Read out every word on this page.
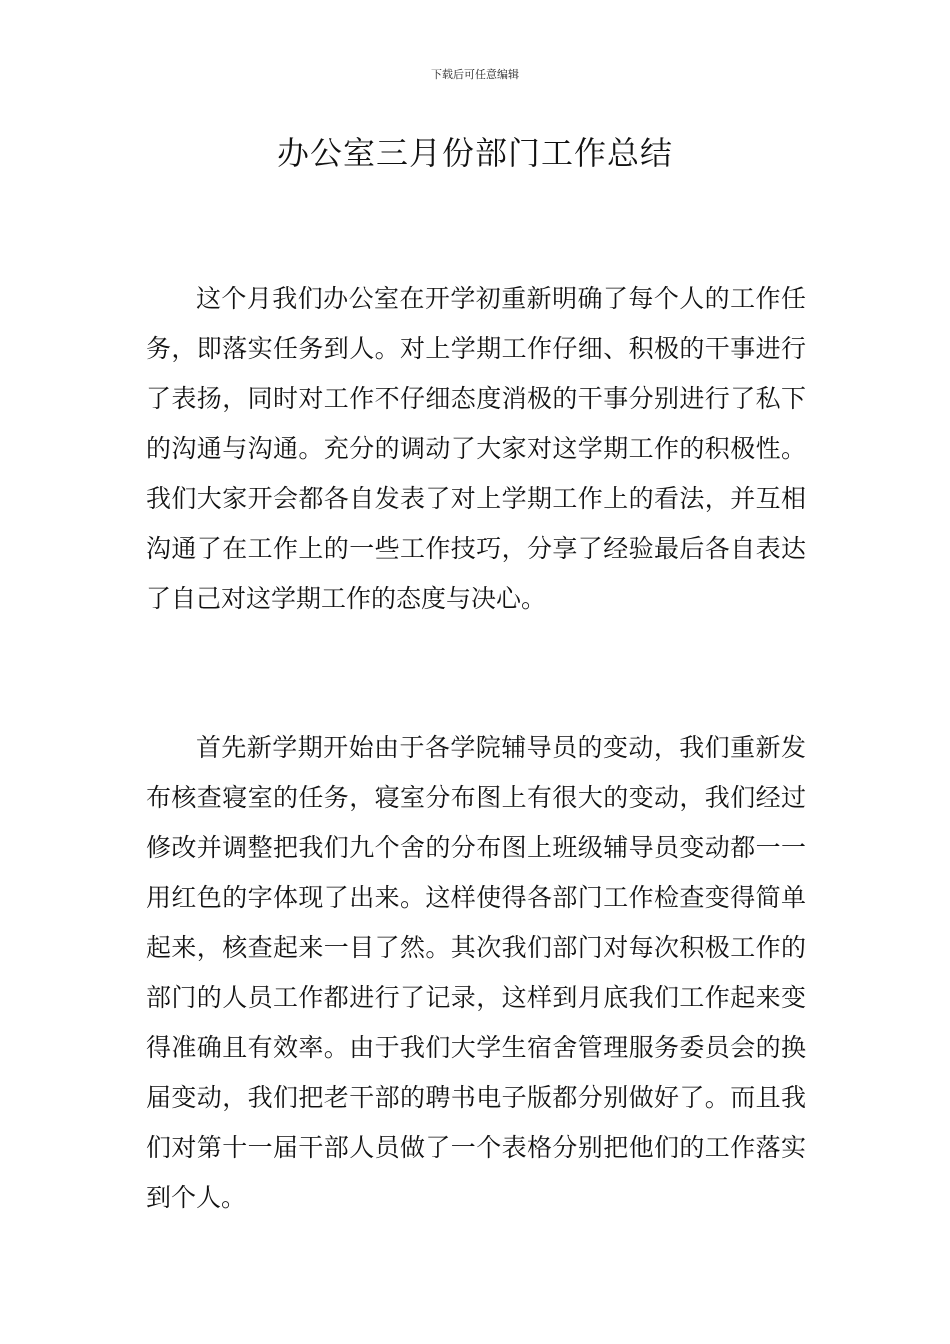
下载后可任意编辑
办公室三月份部门工作总结

这个月我们办公室在开学初重新明确了每个人的工作任务，即落实任务到人。对上学期工作仔细、积极的干事进行了表扬，同时对工作不仔细态度消极的干事分别进行了私下的沟通与沟通。充分的调动了大家对这学期工作的积极性。我们大家开会都各自发表了对上学期工作上的看法，并互相沟通了在工作上的一些工作技巧，分享了经验最后各自表达了自己对这学期工作的态度与决心。

首先新学期开始由于各学院辅导员的变动，我们重新发布核查寝室的任务，寝室分布图上有很大的变动，我们经过修改并调整把我们九个舍的分布图上班级辅导员变动都一一用红色的字体现了出来。这样使得各部门工作检查变得简单起来，核查起来一目了然。其次我们部门对每次积极工作的部门的人员工作都进行了记录，这样到月底我们工作起来变得准确且有效率。由于我们大学生宿舍管理服务委员会的换届变动，我们把老干部的聘书电子版都分别做好了。而且我们对第十一届干部人员做了一个表格分别把他们的工作落实到个人。
